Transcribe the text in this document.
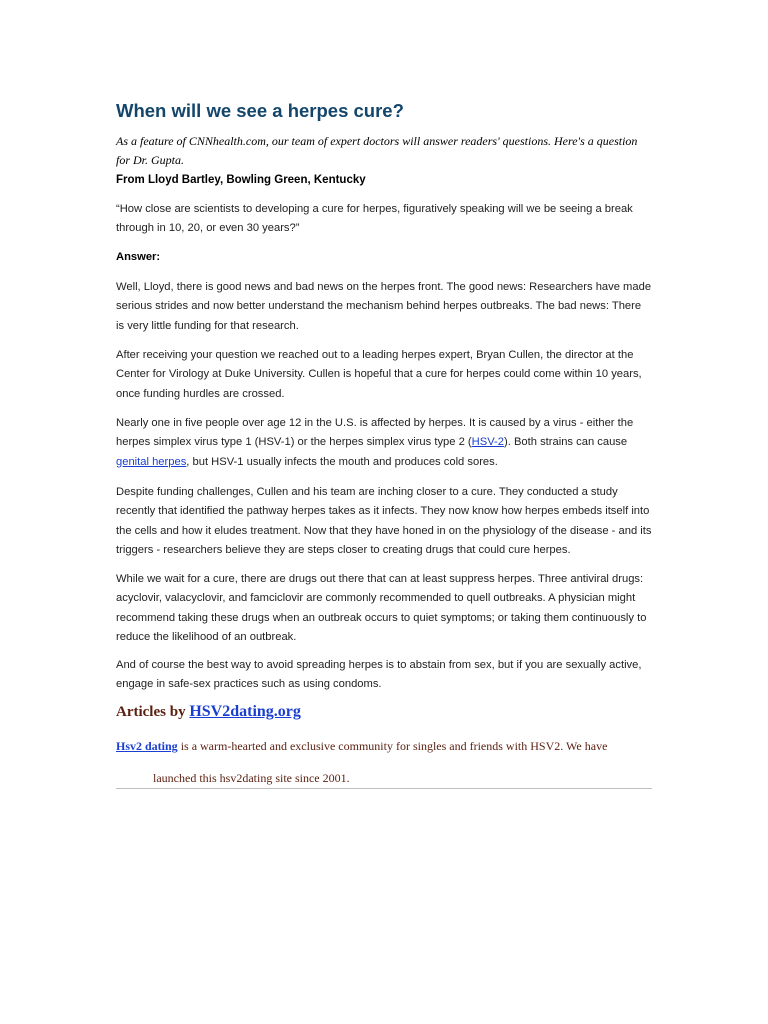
When will we see a herpes cure?

As a feature of CNNhealth.com, our team of expert doctors will answer readers' questions. Here's a question for Dr. Gupta.

From Lloyd Bartley, Bowling Green, Kentucky

“How close are scientists to developing a cure for herpes, figuratively speaking will we be seeing a break through in 10, 20, or even 30 years?”

Answer:

Well, Lloyd, there is good news and bad news on the herpes front. The good news: Researchers have made serious strides and now better understand the mechanism behind herpes outbreaks. The bad news: There is very little funding for that research.

After receiving your question we reached out to a leading herpes expert, Bryan Cullen, the director at the Center for Virology at Duke University. Cullen is hopeful that a cure for herpes could come within 10 years, once funding hurdles are crossed.

Nearly one in five people over age 12 in the U.S. is affected by herpes. It is caused by a virus - either the herpes simplex virus type 1 (HSV-1) or the herpes simplex virus type 2 (HSV-2). Both strains can cause genital herpes, but HSV-1 usually infects the mouth and produces cold sores.

Despite funding challenges, Cullen and his team are inching closer to a cure. They conducted a study recently that identified the pathway herpes takes as it infects. They now know how herpes embeds itself into the cells and how it eludes treatment. Now that they have honed in on the physiology of the disease - and its triggers - researchers believe they are steps closer to creating drugs that could cure herpes.

While we wait for a cure, there are drugs out there that can at least suppress herpes. Three antiviral drugs: acyclovir, valacyclovir, and famciclovir are commonly recommended to quell outbreaks. A physician might recommend taking these drugs when an outbreak occurs to quiet symptoms; or taking them continuously to reduce the likelihood of an outbreak.

And of course the best way to avoid spreading herpes is to abstain from sex, but if you are sexually active, engage in safe-sex practices such as using condoms.

Articles by HSV2dating.org
Hsv2 dating is a warm-hearted and exclusive community for singles and friends with HSV2. We have
launched this hsv2dating site since 2001.
